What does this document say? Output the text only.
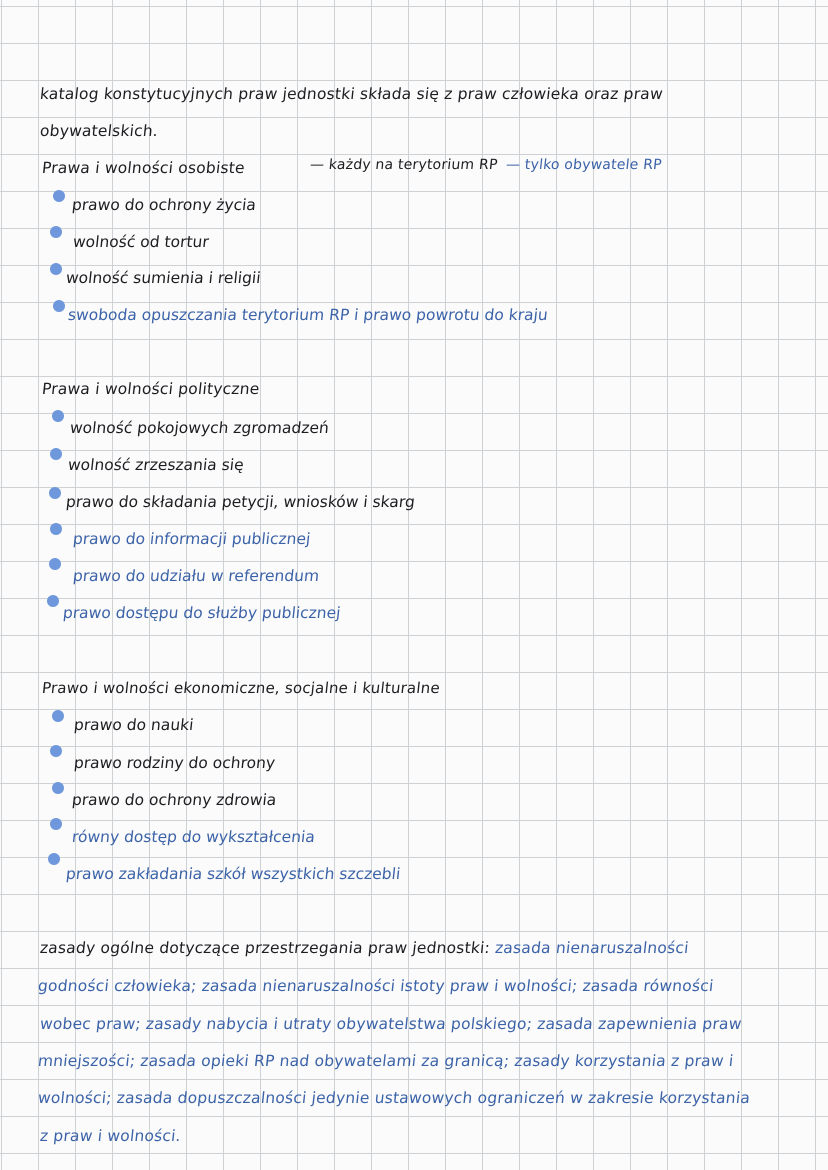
katalog konstytucyjnych praw jednostki składa się z praw człowieka oraz praw
obywatelskich.
Prawa i wolności osobiste	— każdy na terytorium RP — tylko obywatele RP
prawo do ochrony życia
wolność od tortur
wolność sumienia i religii
swoboda opuszczania terytorium RP i prawo powrotu do kraju
Prawa i wolności polityczne
wolność pokojowych zgromadzeń
wolność zrzeszania się
prawo do składania petycji, wniosków i skarg
prawo do informacji publicznej
prawo do udziału w referendum
prawo dostępu do służby publicznej
Prawo i wolności ekonomiczne, socjalne i kulturalne
prawo do nauki
prawo rodziny do ochrony
prawo do ochrony zdrowia
równy dostęp do wykształcenia
prawo zakładania szkół wszystkich szczebli
zasady ogólne dotyczące przestrzegania praw jednostki: zasada nienaruszalności
godności człowieka; zasada nienaruszalności istoty praw i wolności; zasada równości
wobec praw; zasady nabycia i utraty obywatelstwa polskiego; zasada zapewnienia praw
mniejszości; zasada opieki RP nad obywatelami za granicą; zasady korzystania z praw i
wolności; zasada dopuszczalności jedynie ustawowych ograniczeń w zakresie korzystania
z praw i wolności.
